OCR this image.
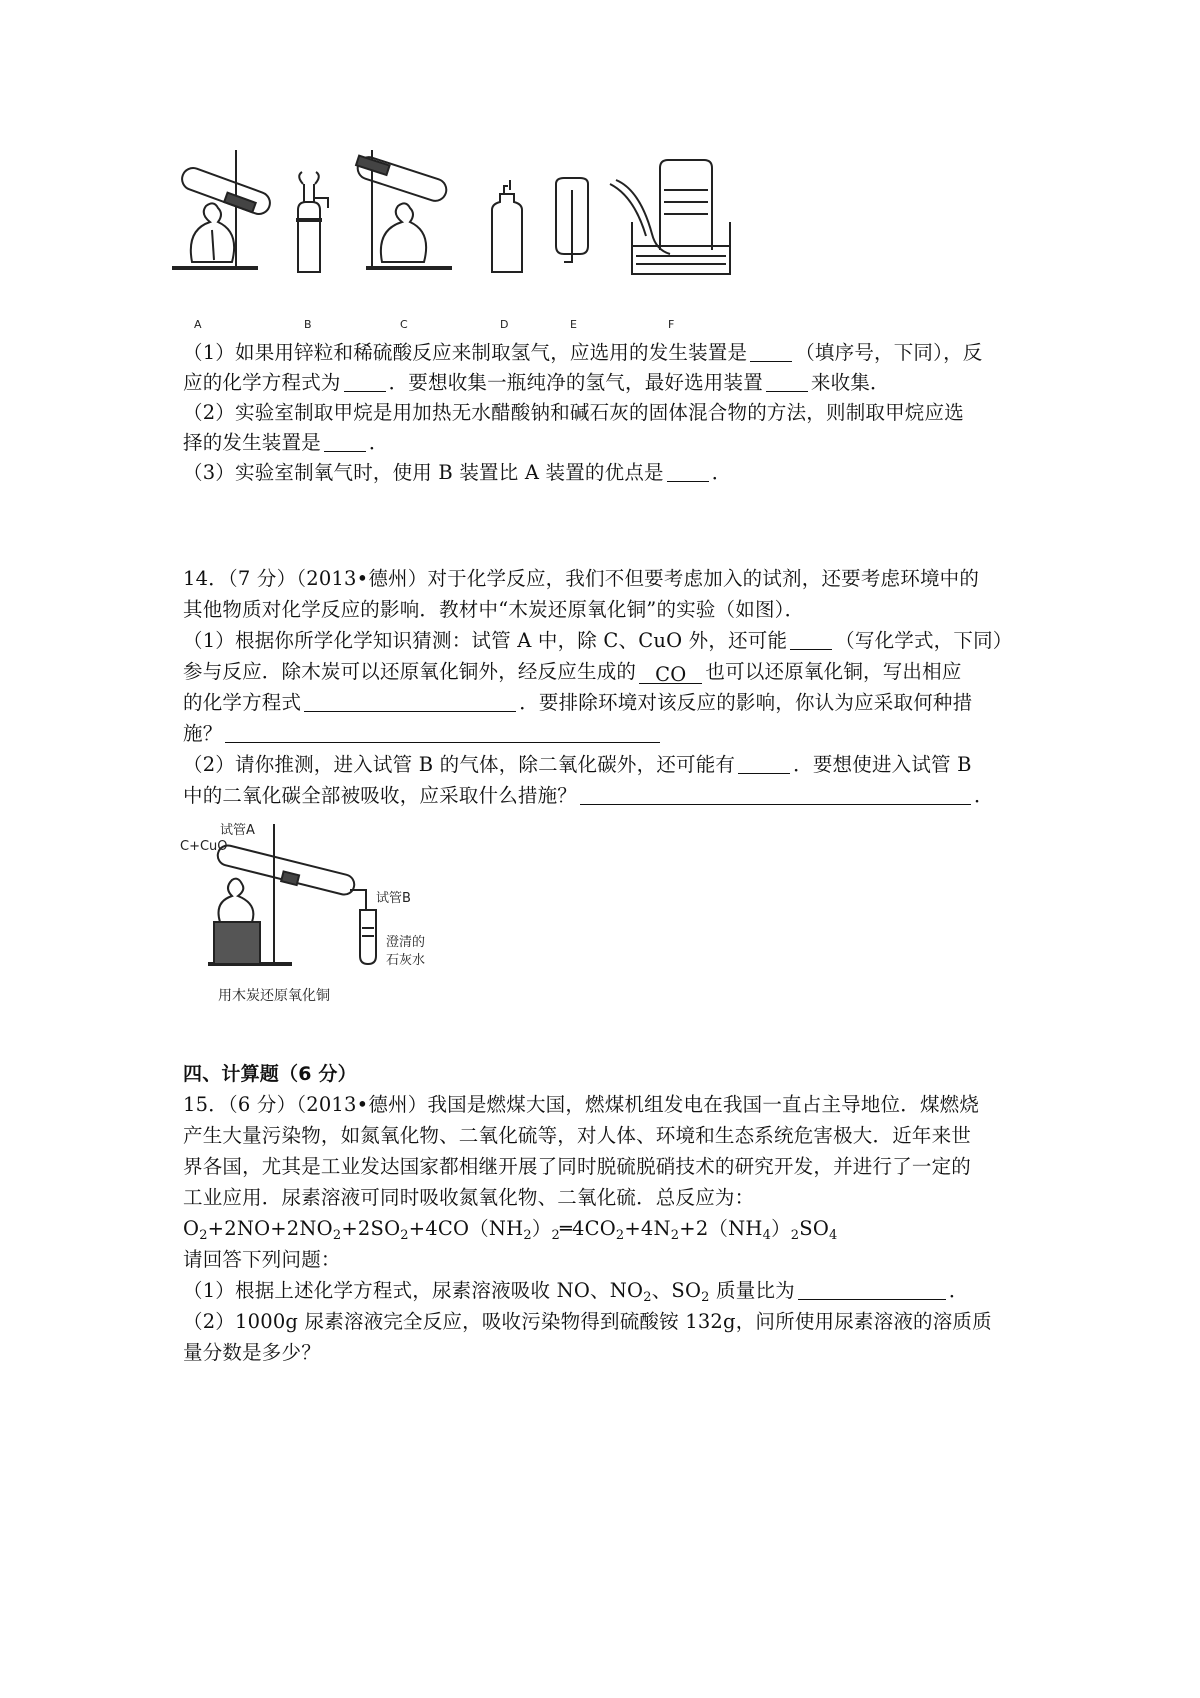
A	B	C	D	E	F
（1）如果用锌粒和稀硫酸反应来制取氢气，应选用的发生装置是 （填序号，下同），反
应的化学方程式为 ．要想收集一瓶纯净的氢气，最好选用装置 来收集．
（2）实验室制取甲烷是用加热无水醋酸钠和碱石灰的固体混合物的方法，则制取甲烷应选
择的发生装置是 ．
（3）实验室制氧气时，使用 B 装置比 A 装置的优点是 ．
14．（7 分）（2013•德州）对于化学反应，我们不但要考虑加入的试剂，还要考虑环境中的
其他物质对化学反应的影响．教材中“木炭还原氧化铜”的实验（如图）．
（1）根据你所学化学知识猜测：试管 A 中，除 C、CuO 外，还可能 （写化学式，下同）
参与反应．除木炭可以还原氧化铜外，经反应生成的 CO 也可以还原氧化铜，写出相应
的化学方程式	．要排除环境对该反应的影响，你认为应采取何种措
施？
（2）请你推测，进入试管 B 的气体，除二氧化碳外，还可能有	．要想使进入试管 B
中的二氧化碳全部被吸收，应采取什么措施？	．
C+CuO
试管A
试管B
澄清的
石灰水
用木炭还原氧化铜
四、计算题（6 分）
15．（6 分）（2013•德州）我国是燃煤大国，燃煤机组发电在我国一直占主导地位．煤燃烧
产生大量污染物，如氮氧化物、二氧化硫等，对人体、环境和生态系统危害极大．近年来世
界各国，尤其是工业发达国家都相继开展了同时脱硫脱硝技术的研究开发，并进行了一定的
工业应用．尿素溶液可同时吸收氮氧化物、二氧化硫．总反应为：
$O_2+2NO+2NO_2+2SO_2+4CO(NH_2)_2═4CO_2+4N_2+2(NH_4)_2SO_4$
请回答下列问题：
（1）根据上述化学方程式，尿素溶液吸收 NO、$NO_2$、$SO_2$ 质量比为	．
（2）1000g 尿素溶液完全反应，吸收污染物得到硫酸铵 132g，问所使用尿素溶液的溶质质
量分数是多少？
